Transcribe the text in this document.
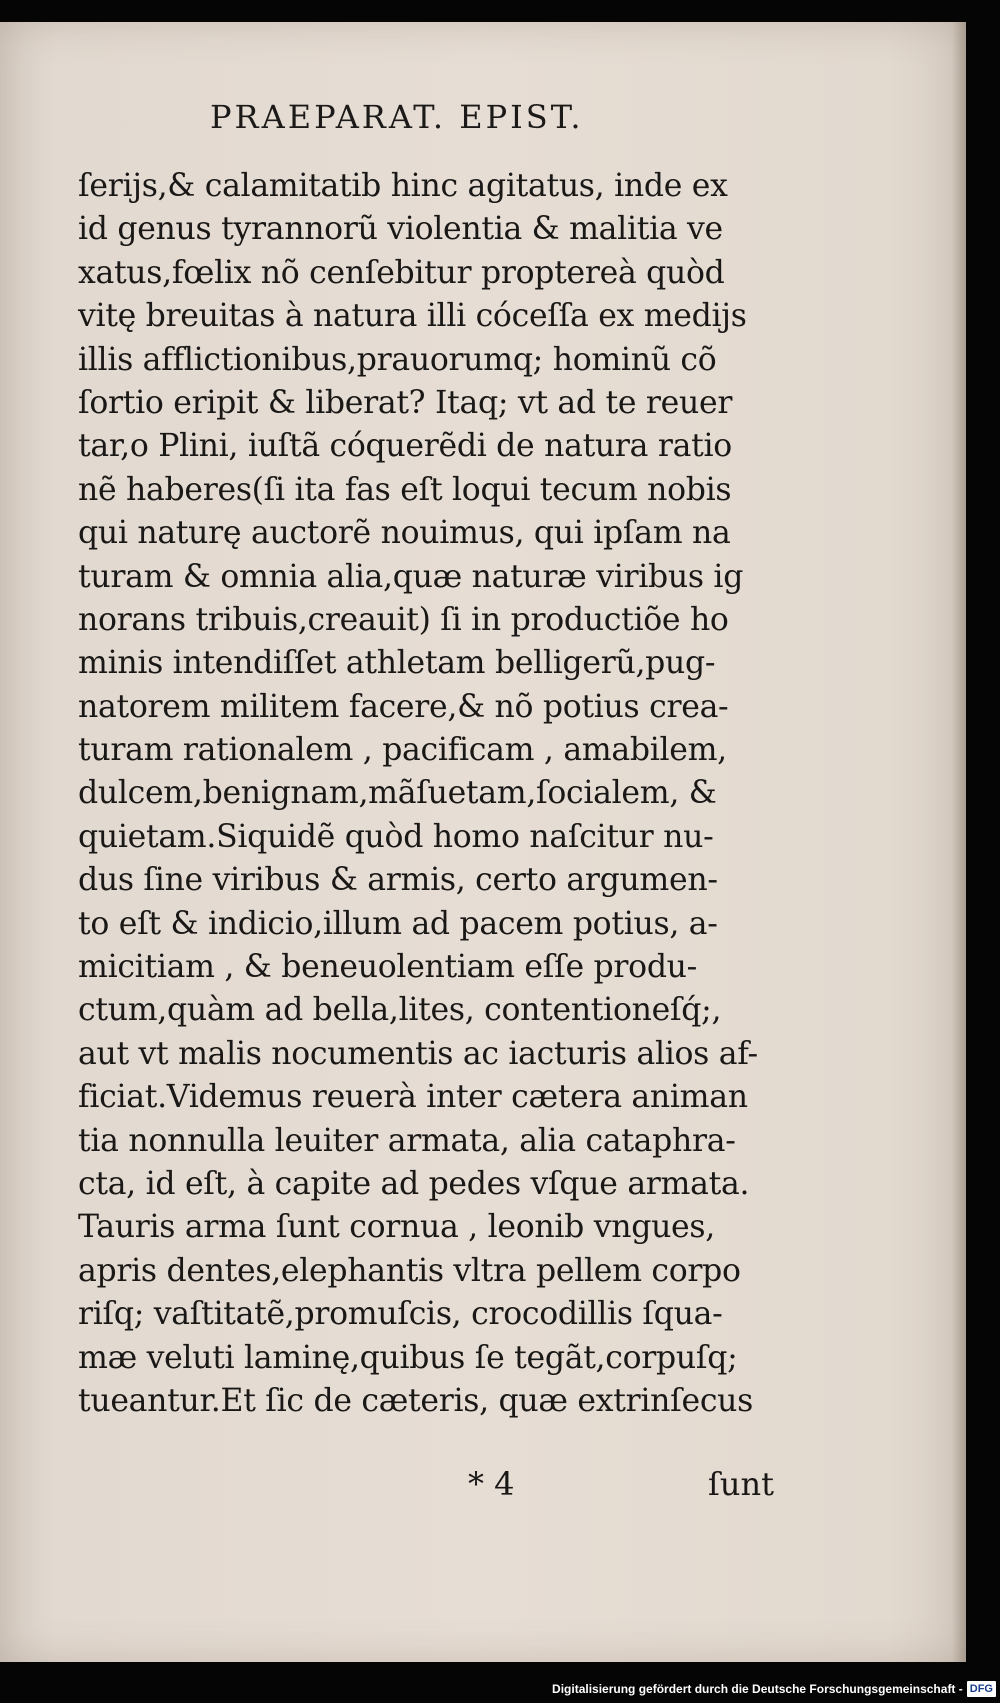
PRAEPARAT. EPIST.
ſerijs,& calamitatib hinc agitatus, inde ex
id genus tyrannorũ violentia & malitia ve
xatus,fœlix nõ cenſebitur proptereà quòd
vitę breuitas à natura illi cóceſſa ex medijs
illis afflictionibus,prauorumq; hominũ cõ
ſortio eripit & liberat? Itaq; vt ad te reuer
tar,o Plini, iuſtã cóquerẽdi de natura ratio
nẽ haberes(ſi ita fas eſt loqui tecum nobis
qui naturę auctorẽ nouimus, qui ipſam na
turam & omnia alia,quæ naturæ viribus ig
norans tribuis,creauit) ſi in productiõe ho
minis intendiſſet athletam belligerũ,pug-
natorem militem facere,& nõ potius crea-
turam rationalem , pacificam , amabilem,
dulcem,benignam,mãſuetam,ſocialem, &
quietam.Siquidẽ quòd homo naſcitur nu-
dus ſine viribus & armis, certo argumen-
to eſt & indicio,illum ad pacem potius, a-
micitiam , & beneuolentiam eſſe produ-
ctum,quàm ad bella,lites, contentioneſq́;,
aut vt malis nocumentis ac iacturis alios af-
ficiat.Videmus reuerà inter cætera animan
tia nonnulla leuiter armata, alia cataphra-
cta, id eſt, à capite ad pedes vſque armata.
Tauris arma ſunt cornua , leonib vngues,
apris dentes,elephantis vltra pellem corpo
riſq; vaſtitatẽ,promuſcis, crocodillis ſqua-
mæ veluti laminę,quibus ſe tegãt,corpuſq;
tueantur.Et ſic de cæteris, quæ extrinſecus
* 4	ſunt
Digitalisierung gefördert durch die Deutsche Forschungsgemeinschaft - DFG
